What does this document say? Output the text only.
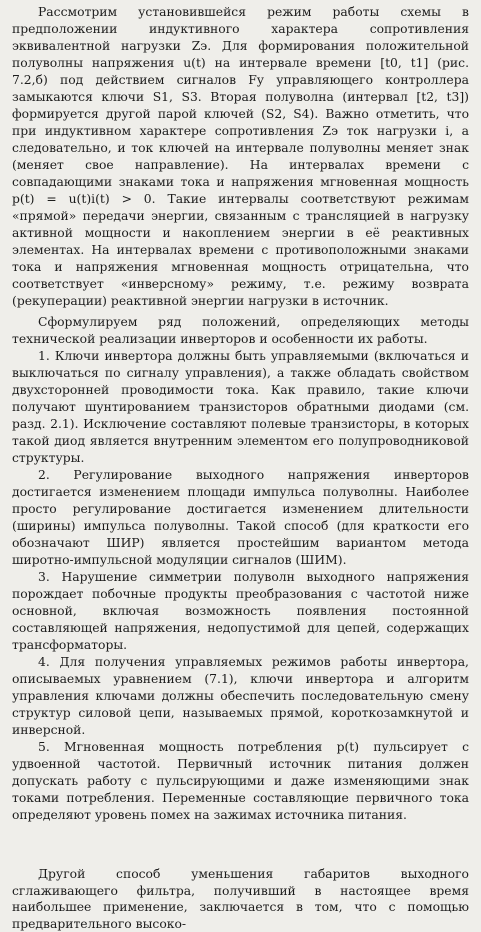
Рассмотрим установившейся режим работы схемы в предположении индуктивного характера сопротивления эквивалентной нагрузки Zэ. Для формирования положительной полуволны напряжения u(t) на интервале времени [t0, t1] (рис. 7.2,б) под действием сигналов Fу управляющего контроллера замыкаются ключи S1, S3. Вторая полуволна (интервал [t2, t3]) формируется другой парой ключей (S2, S4). Важно отметить, что при индуктивном характере сопротивления Zэ ток нагрузки i, а следовательно, и ток ключей на интервале полуволны меняет знак (меняет свое направление). На интервалах времени с совпадающими знаками тока и напряжения мгновенная мощность p(t) = u(t)i(t) > 0. Такие интервалы соответствуют режимам «прямой» передачи энергии, связанным с трансляцией в нагрузку активной мощности и накоплением энергии в её реактивных элементах. На интервалах времени с противоположными знаками тока и напряжения мгновенная мощность отрицательна, что соответствует «инверсному» режиму, т.е. режиму возврата (рекуперации) реактивной энергии нагрузки в источник.

Сформулируем ряд положений, определяющих методы технической реализации инверторов и особенности их работы.

1. Ключи инвертора должны быть управляемыми (включаться и выключаться по сигналу управления), а также обладать свойством двухсторонней проводимости тока. Как правило, такие ключи получают шунтированием транзисторов обратными диодами (см. разд. 2.1). Исключение составляют полевые транзисторы, в которых такой диод является внутренним элементом его полупроводниковой структуры.

2. Регулирование выходного напряжения инверторов достигается изменением площади импульса полуволны. Наиболее просто регулирование достигается изменением длительности (ширины) импульса полуволны. Такой способ (для краткости его обозначают ШИР) является простейшим вариантом метода широтно-импульсной модуляции сигналов (ШИМ).

3. Нарушение симметрии полуволн выходного напряжения порождает побочные продукты преобразования с частотой ниже основной, включая возможность появления постоянной составляющей напряжения, недопустимой для цепей, содержащих трансформаторы.

4. Для получения управляемых режимов работы инвертора, описываемых уравнением (7.1), ключи инвертора и алгоритм управления ключами должны обеспечить последовательную смену структур силовой цепи, называемых прямой, короткозамкнутой и инверсной.

5. Мгновенная мощность потребления p(t) пульсирует с удвоенной частотой. Первичный источник питания должен допускать работу с пульсирующими и даже изменяющими знак токами потребления. Переменные составляющие первичного тока определяют уровень помех на зажимах источника питания.

Другой способ уменьшения габаритов выходного сглаживающего фильтра, получивший в настоящее время наибольшее применение, заключается в том, что с помощью предварительного высоко-
